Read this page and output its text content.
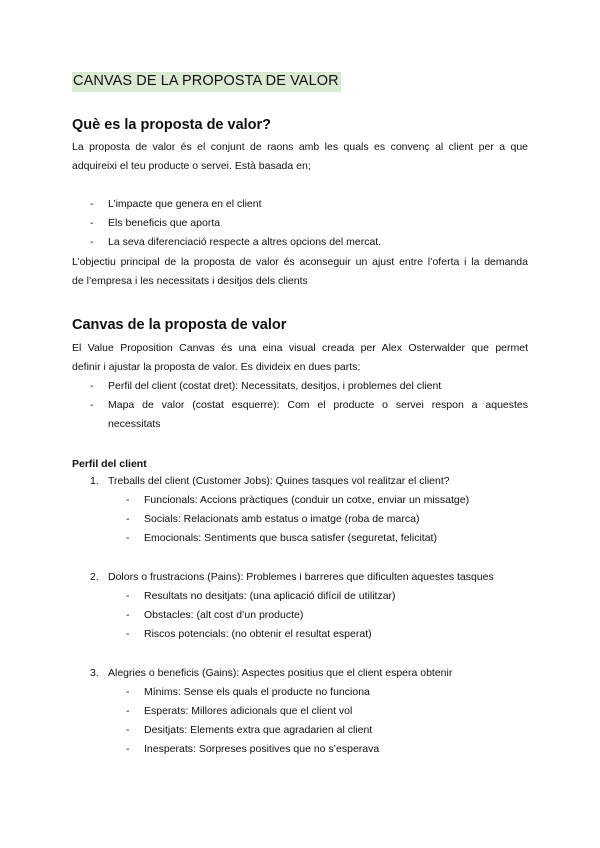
CANVAS DE LA PROPOSTA DE VALOR
Què es la proposta de valor?
La proposta de valor és el conjunt de raons amb les quals es convenç al client per a que
adquireixi el teu producte o servei. Està basada en;
- L’impacte que genera en el client
- Els beneficis que aporta
- La seva diferenciació respecte a altres opcions del mercat.
L’objectiu principal de la proposta de valor és aconseguir un ajust entre l’oferta i la demanda
de l’empresa i les necessitats i desitjos dels clients
Canvas de la proposta de valor
El Value Proposition Canvas és una eina visual creada per Alex Osterwalder que permet
definir i ajustar la proposta de valor. Es divideix en dues parts:
- Perfil del client (costat dret): Necessitats, desitjos, i problemes del client
- Mapa de valor (costat esquerre): Com el producte o servei respon a aquestes
necessitats
Perfil del client
1. Treballs del client (Customer Jobs): Quines tasques vol realitzar el client?
- Funcionals: Accions pràctiques (conduir un cotxe, enviar un missatge)
- Socials: Relacionats amb estatus o imatge (roba de marca)
- Emocionals: Sentiments que busca satisfer (seguretat, felicitat)
2. Dolors o frustracions (Pains): Problemes i barreres que dificulten aquestes tasques
- Resultats no desitjats: (una aplicació difícil de utilitzar)
- Obstacles: (alt cost d’un producte)
- Riscos potencials: (no obtenir el resultat esperat)
3. Alegries o beneficis (Gains): Aspectes positius que el client espera obtenir
- Mínims: Sense els quals el producte no funciona
- Esperats: Millores adicionals que el client vol
- Desitjats: Elements extra que agradarien al client
- Inesperats: Sorpreses positives que no s’esperava
